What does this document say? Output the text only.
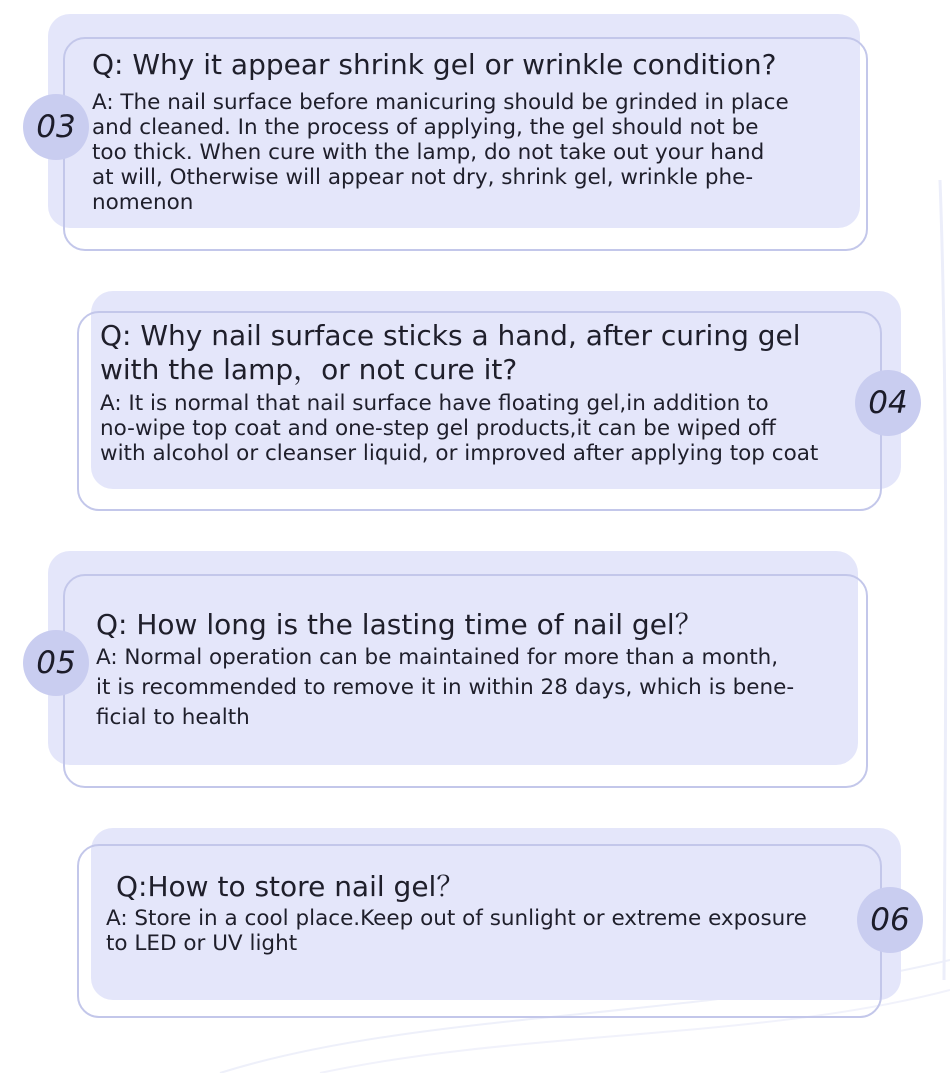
03
Q: Why it appear shrink gel or wrinkle condition?

A: The nail surface before manicuring should be grinded in place
and cleaned. In the process of applying, the gel should not be
too thick. When cure with the lamp, do not take out your hand
at will, Otherwise will appear not dry, shrink gel, wrinkle phe-
nomenon

04
Q: Why nail surface sticks a hand, after curing gel
with the lamp，or not cure it?

A: It is normal that nail surface have floating gel,in addition to
no-wipe top coat and one-step gel products,it can be wiped off
with alcohol or cleanser liquid, or improved after applying top coat

05
Q: How long is the lasting time of nail gel？

A: Normal operation can be maintained for more than a month,
it is recommended to remove it in within 28 days, which is bene-
ficial to health

06
Q:How to store nail gel？

A: Store in a cool place.Keep out of sunlight or extreme exposure
to LED or UV light
